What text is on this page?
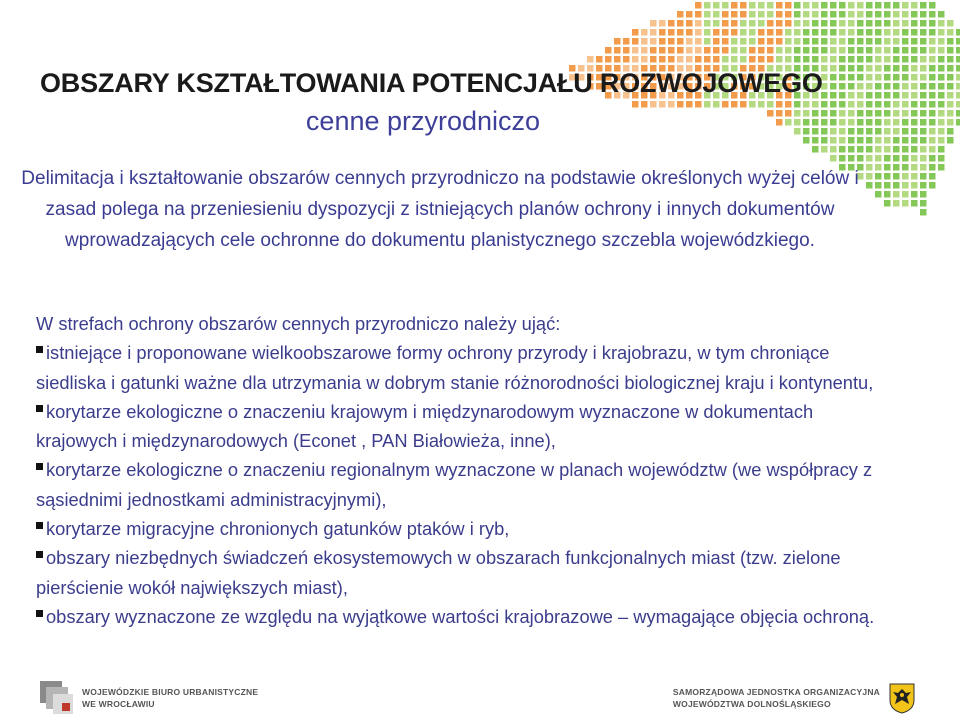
OBSZARY KSZTAŁTOWANIA POTENCJAŁU ROZWOJOWEGO
cenne przyrodniczo
Delimitacja i kształtowanie obszarów cennych przyrodniczo na podstawie określonych wyżej celów i zasad polega na przeniesieniu dyspozycji z istniejących planów ochrony i innych dokumentów wprowadzających cele ochronne do dokumentu planistycznego szczebla wojewódzkiego.

W strefach ochrony obszarów cennych przyrodniczo należy ująć:

istniejące i proponowane wielkoobszarowe formy ochrony przyrody i krajobrazu, w tym chroniące siedliska i gatunki ważne dla utrzymania w dobrym stanie różnorodności biologicznej kraju i kontynentu,

korytarze ekologiczne o znaczeniu krajowym i międzynarodowym wyznaczone w dokumentach krajowych i międzynarodowych (Econet , PAN Białowieża, inne),

korytarze ekologiczne o znaczeniu regionalnym wyznaczone w planach województw (we współpracy z sąsiednimi jednostkami administracyjnymi),

korytarze migracyjne chronionych gatunków ptaków i ryb,

obszary niezbędnych świadczeń ekosystemowych w obszarach funkcjonalnych miast (tzw. zielone pierścienie wokół największych miast),

obszary wyznaczone ze względu na wyjątkowe wartości krajobrazowe – wymagające objęcia ochroną.

WOJEWÓDZKIE BIURO URBANISTYCZNE
WE WROCŁAWIU
SAMORZĄDOWA JEDNOSTKA ORGANIZACYJNA
WOJEWÓDZTWA DOLNOŚLĄSKIEGO
